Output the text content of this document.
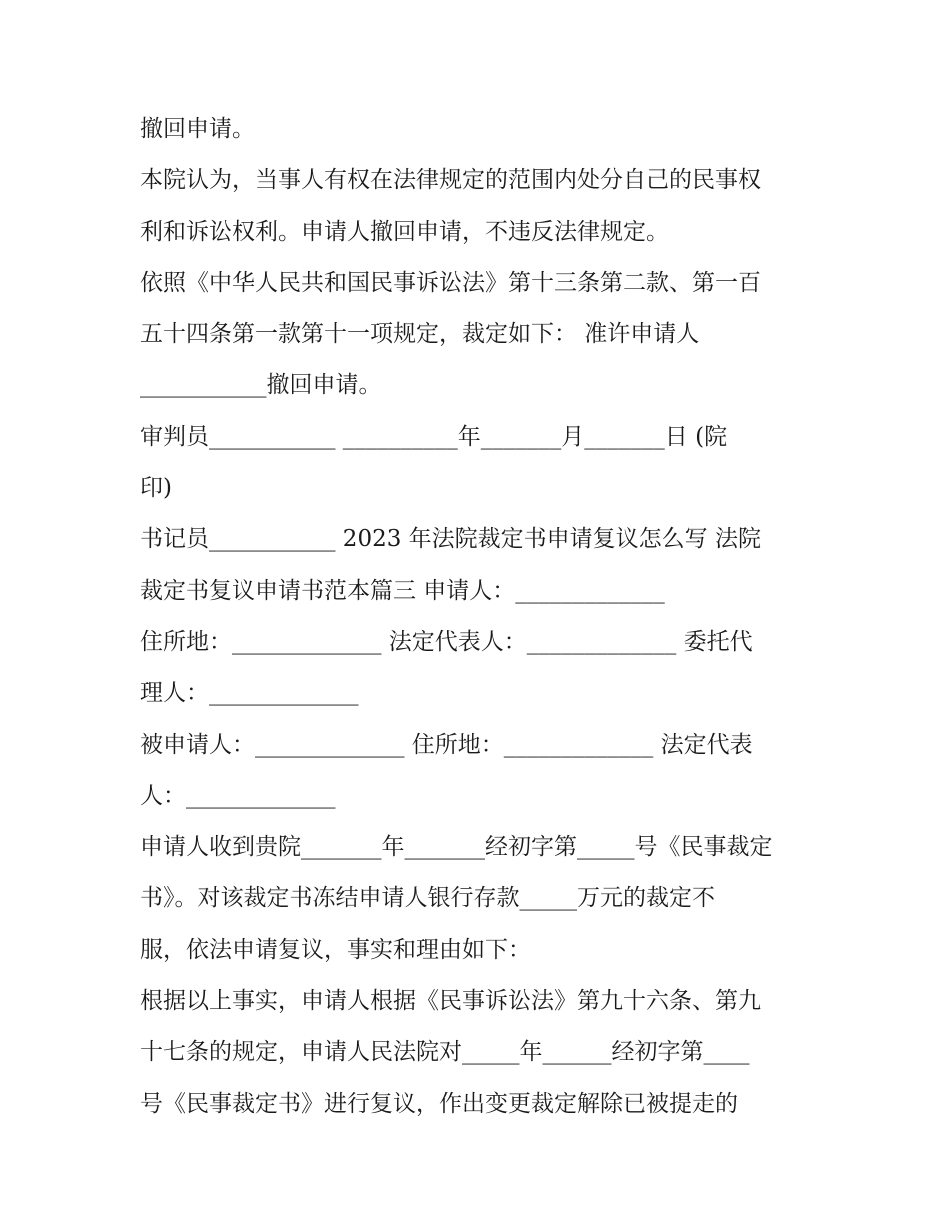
撤回申请。
本院认为，当事人有权在法律规定的范围内处分自己的民事权
利和诉讼权利。申请人撤回申请，不违反法律规定。
依照《中华人民共和国民事诉讼法》第十三条第二款、第一百
五十四条第一款第十一项规定，裁定如下： 准许申请人
___________撤回申请。
审判员___________ __________年_______月_______日 (院
印)
书记员___________ 2023 年法院裁定书申请复议怎么写 法院
裁定书复议申请书范本篇三 申请人：_____________
住所地：_____________ 法定代表人：_____________ 委托代
理人：_____________
被申请人：_____________ 住所地：_____________ 法定代表
人：_____________
申请人收到贵院_______年_______经初字第_____号《民事裁定
书》。对该裁定书冻结申请人银行存款_____万元的裁定不
服，依法申请复议，事实和理由如下：
根据以上事实，申请人根据《民事诉讼法》第九十六条、第九
十七条的规定，申请人民法院对_____年______经初字第____
号《民事裁定书》进行复议，作出变更裁定解除已被提走的
